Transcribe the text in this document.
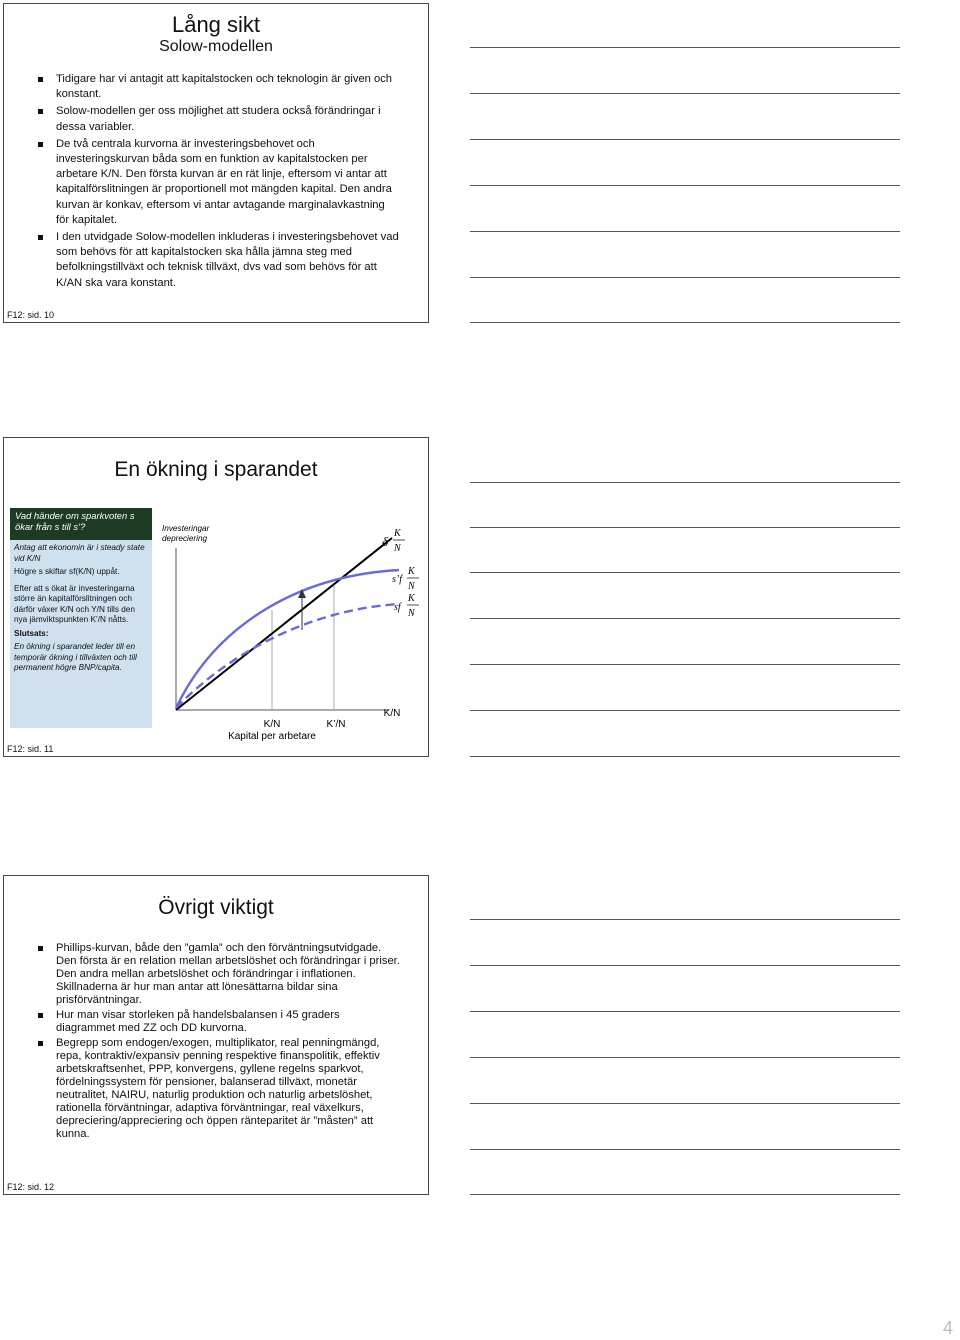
Lång sikt
Solow-modellen
Tidigare har vi antagit att kapitalstocken och teknologin är given och konstant.
Solow-modellen ger oss möjlighet att studera också förändringar i dessa variabler.
De två centrala kurvorna är investeringsbehovet och investeringskurvan båda som en funktion av kapitalstocken per arbetare K/N. Den första kurvan är en rät linje, eftersom vi antar att kapitalförslitningen är proportionell mot mängden kapital. Den andra kurvan är konkav, eftersom vi antar avtagande marginalavkastning för kapitalet.
I den utvidgade Solow-modellen inkluderas i investeringsbehovet vad som behövs för att kapitalstocken ska hålla jämna steg med befolkningstillväxt och teknisk tillväxt, dvs vad som behövs för att K/AN ska vara konstant.
F12: sid. 10
En ökning i sparandet
Vad händer om sparkvoten s ökar från s till s’?

Antag att ekonomin är i steady state vid K/N

Högre s skiftar sf(K/N) uppåt.

Efter att s ökat är investeringarna större än kapitalförslitningen och därför växer K/N och Y/N tills den nya jämviktspunkten K’/N nåtts.

Slutsats:

En ökning i sparandet leder till en temporär ökning i tillväxten och till permanent högre BNP/capita.

Investeringar
depreciering
K/N	K’/N
K/N
Kapital per arbetare
δ
K
N
s’f
K
N
sf
K
N
F12: sid. 11
Övrigt viktigt
Phillips-kurvan, både den ”gamla” och den förväntningsutvidgade. Den första är en relation mellan arbetslöshet och förändringar i priser. Den andra mellan arbetslöshet och förändringar i inflationen. Skillnaderna är hur man antar att lönesättarna bildar sina prisförväntningar.
Hur man visar storleken på handelsbalansen i 45 graders diagrammet med ZZ och DD kurvorna.
Begrepp som endogen/exogen, multiplikator, real penningmängd, repa, kontraktiv/expansiv penning respektive finanspolitik, effektiv arbetskraftsenhet, PPP, konvergens, gyllene regelns sparkvot, fördelningssystem för pensioner, balanserad tillväxt, monetär neutralitet, NAIRU, naturlig produktion och naturlig arbetslöshet, rationella förväntningar, adaptiva förväntningar, real växelkurs, depreciering/appreciering och öppen ränteparitet är ”måsten” att kunna.
F12: sid. 12
4
